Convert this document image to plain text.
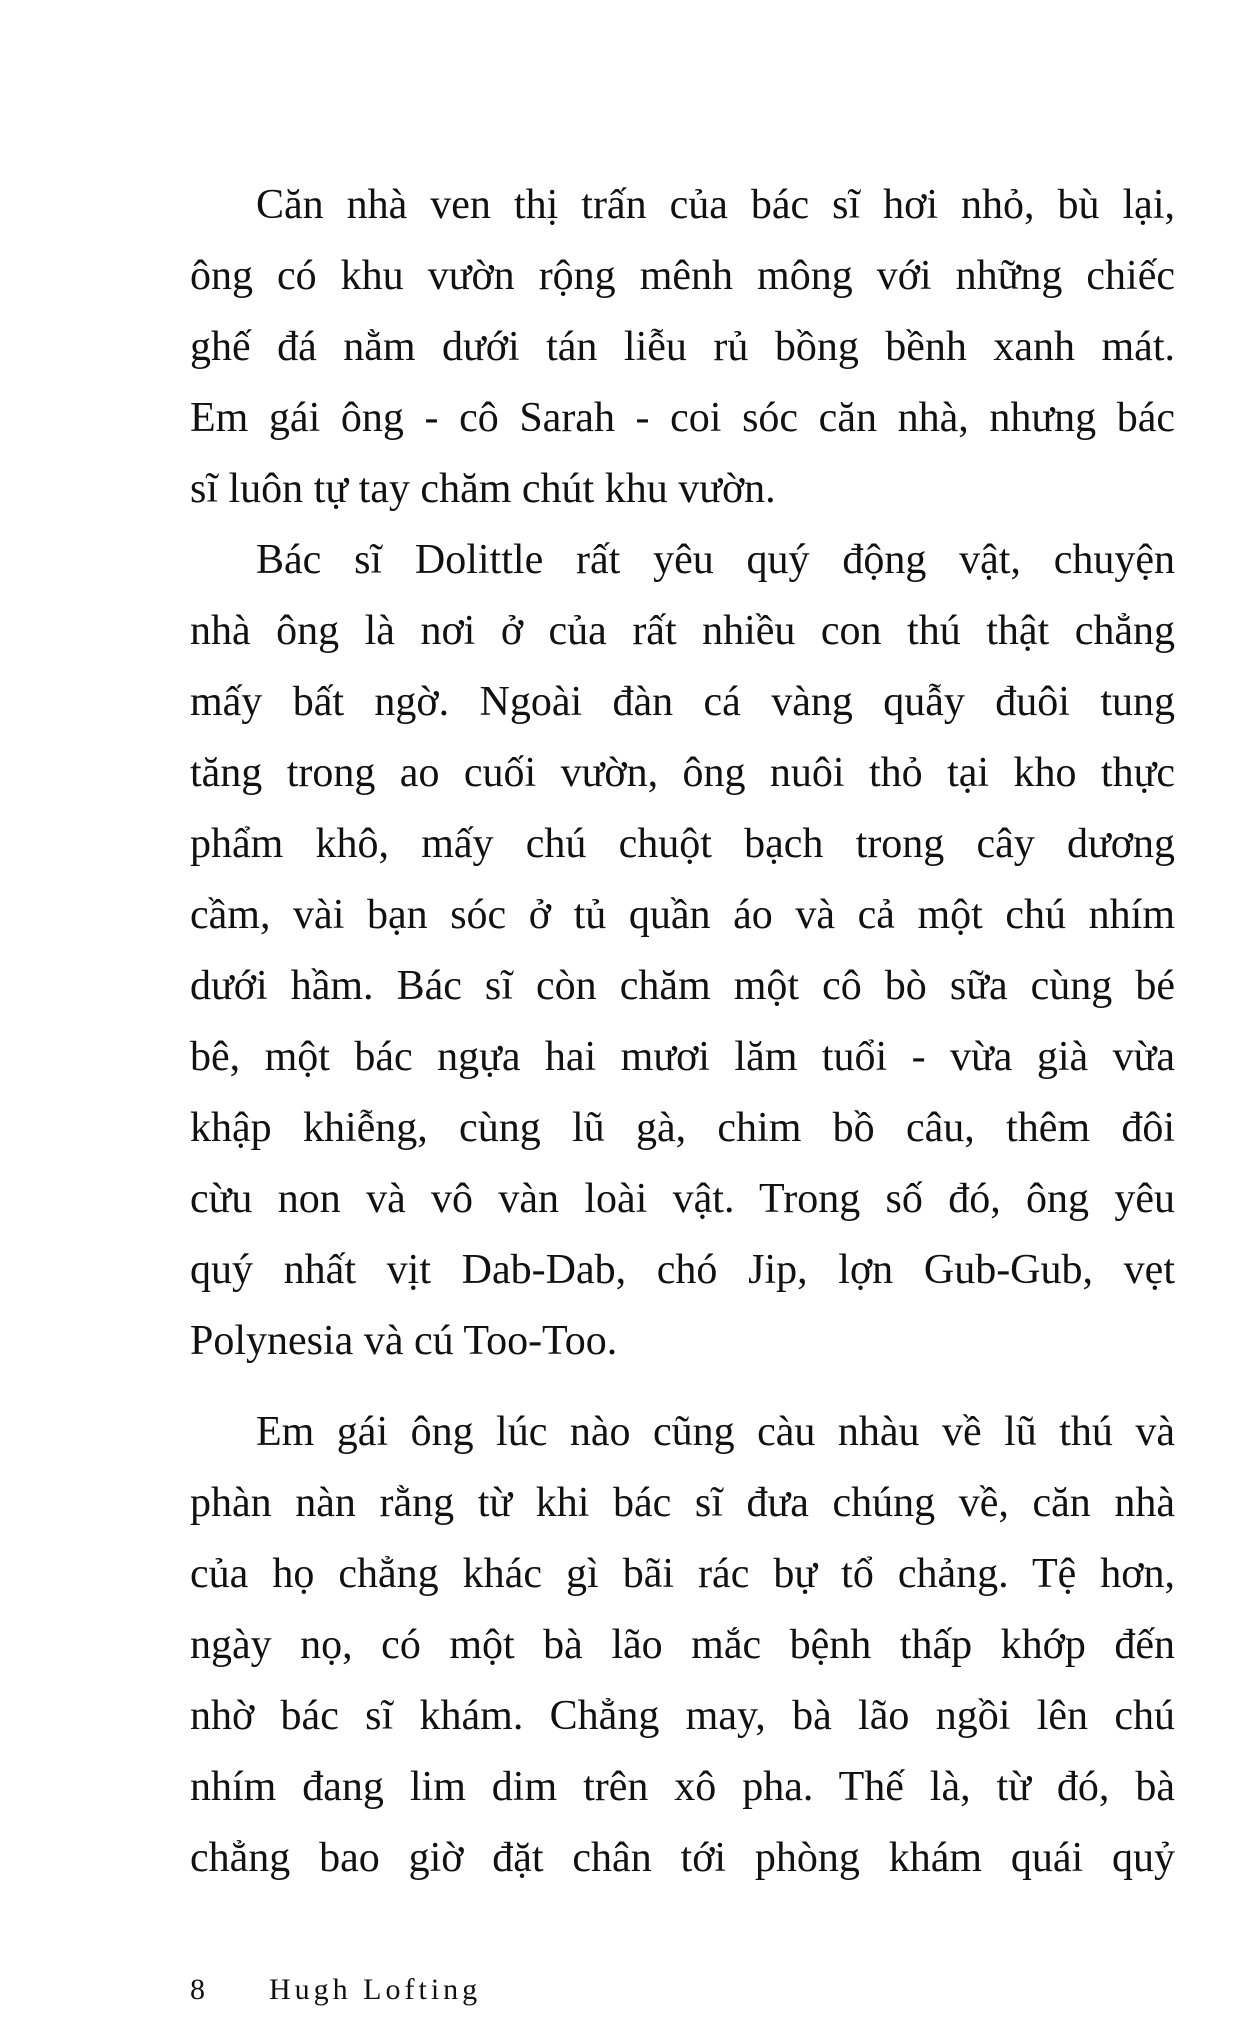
Căn nhà ven thị trấn của bác sĩ hơi nhỏ, bù lại,
ông có khu vườn rộng mênh mông với những chiếc
ghế đá nằm dưới tán liễu rủ bồng bềnh xanh mát.
Em gái ông - cô Sarah - coi sóc căn nhà, nhưng bác
sĩ luôn tự tay chăm chút khu vườn.
Bác sĩ Dolittle rất yêu quý động vật, chuyện
nhà ông là nơi ở của rất nhiều con thú thật chẳng
mấy bất ngờ. Ngoài đàn cá vàng quẫy đuôi tung
tăng trong ao cuối vườn, ông nuôi thỏ tại kho thực
phẩm khô, mấy chú chuột bạch trong cây dương
cầm, vài bạn sóc ở tủ quần áo và cả một chú nhím
dưới hầm. Bác sĩ còn chăm một cô bò sữa cùng bé
bê, một bác ngựa hai mươi lăm tuổi - vừa già vừa
khập khiễng, cùng lũ gà, chim bồ câu, thêm đôi
cừu non và vô vàn loài vật. Trong số đó, ông yêu
quý nhất vịt Dab-Dab, chó Jip, lợn Gub-Gub, vẹt
Polynesia và cú Too-Too.
Em gái ông lúc nào cũng càu nhàu về lũ thú và
phàn nàn rằng từ khi bác sĩ đưa chúng về, căn nhà
của họ chẳng khác gì bãi rác bự tổ chảng. Tệ hơn,
ngày nọ, có một bà lão mắc bệnh thấp khớp đến
nhờ bác sĩ khám. Chẳng may, bà lão ngồi lên chú
nhím đang lim dim trên xô pha. Thế là, từ đó, bà
chẳng bao giờ đặt chân tới phòng khám quái quỷ
8 Hugh Lofting
